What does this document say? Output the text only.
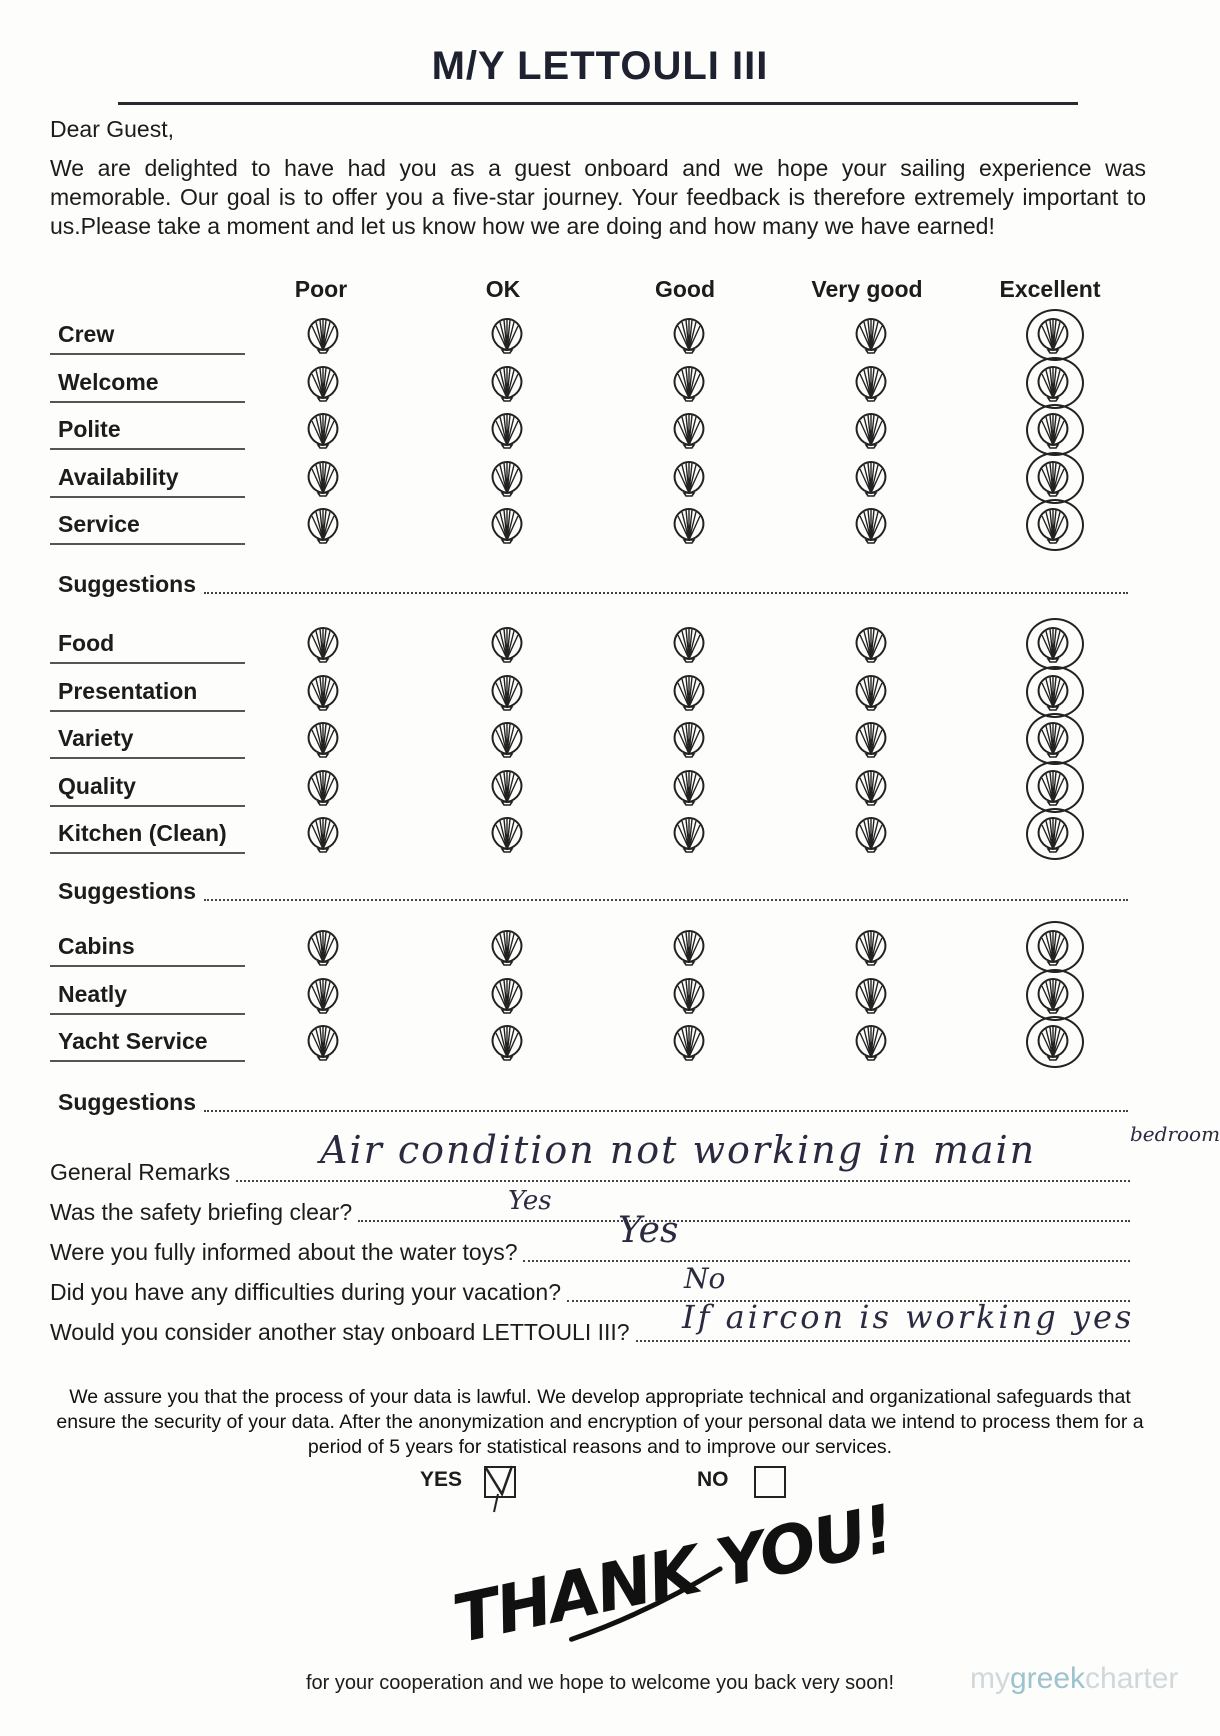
M/Y LETTOULI III
Dear Guest,
We are delighted to have had you as a guest onboard and we hope your sailing experience was memorable. Our goal is to offer you a five-star journey. Your feedback is therefore extremely important to us.Please take a moment and let us know how we are doing and how many we have earned!
Poor	OK	Good	Very good	Excellent
Crew
Welcome
Polite
Availability
Service
Suggestions
Food
Presentation
Variety
Quality
Kitchen (Clean)
Suggestions
Cabins
Neatly
Yacht Service
Suggestions
General Remarks Air condition not working in main	bedroom
Was the safety briefing clear?	Yes
Were you fully informed about the water toys?
Yes
Did you have any difficulties during your vacation?	No
Would you consider another stay onboard LETTOULI III? If aircon is working yes
We assure you that the process of your data is lawful. We develop appropriate technical and organizational safeguards that ensure the security of your data. After the anonymization and encryption of your personal data we intend to process them for a period of 5 years for statistical reasons and to improve our services.
YES	NO
THANK YOU!
for your cooperation and we hope to welcome you back very soon!	mygreekcharter
